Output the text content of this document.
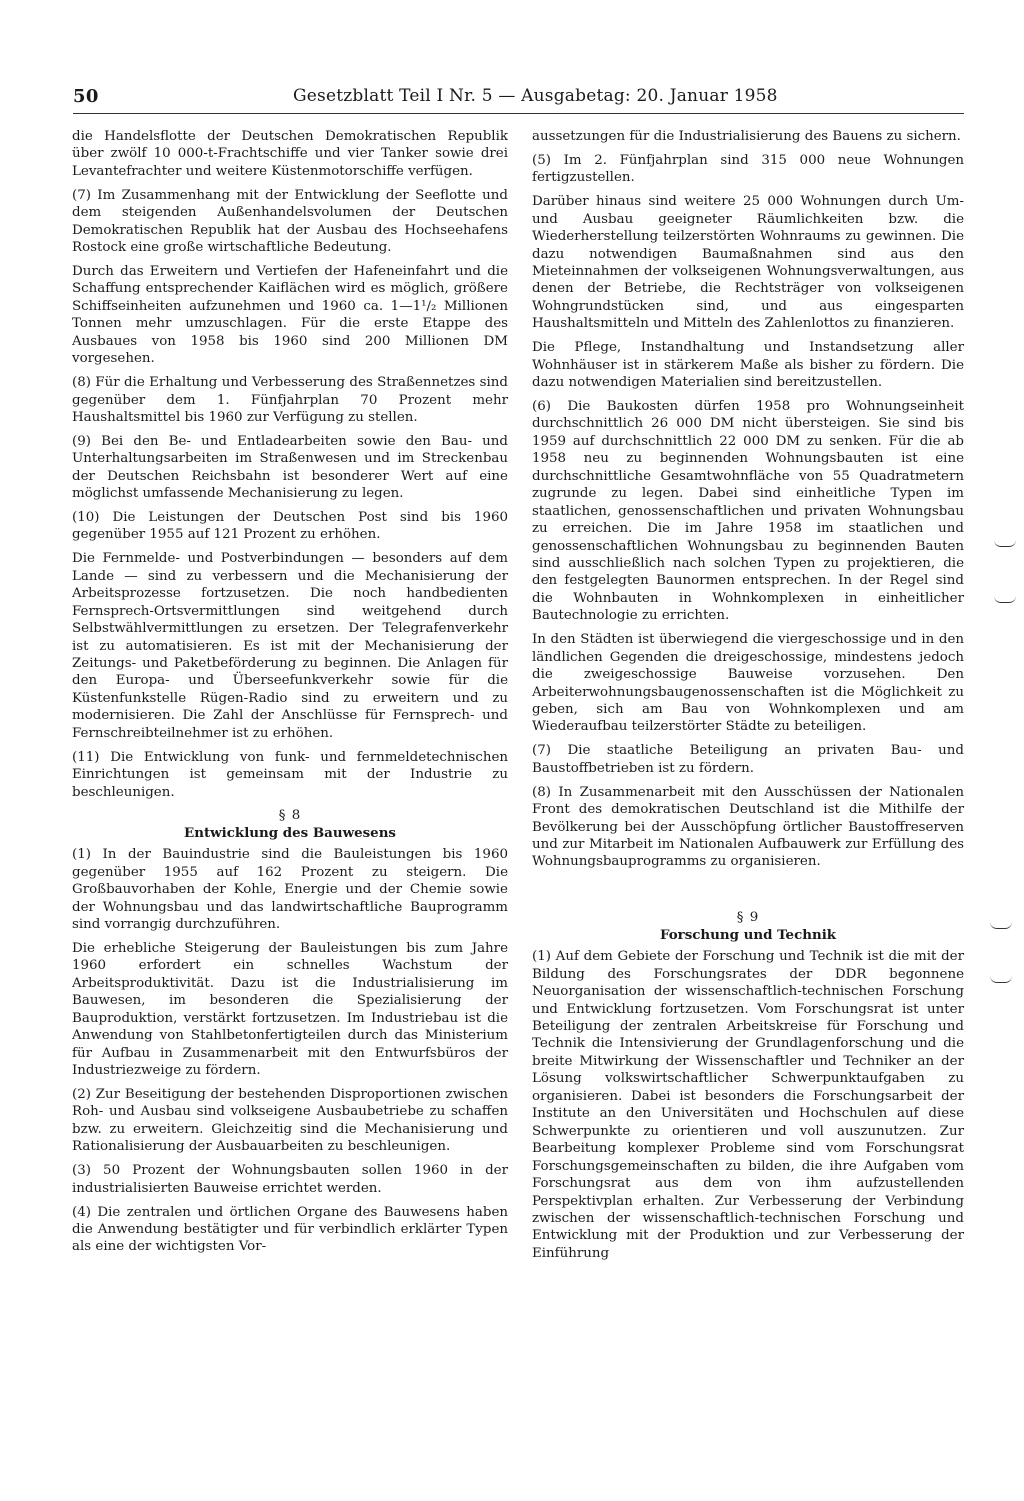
50	Gesetzblatt Teil I Nr. 5 — Ausgabetag: 20. Januar 1958

die Handelsflotte der Deutschen Demokratischen Republik über zwölf 10 000-t-Frachtschiffe und vier Tanker sowie drei Levantefrachter und weitere Küstenmotorschiffe verfügen.

(7) Im Zusammenhang mit der Entwicklung der Seeflotte und dem steigenden Außenhandelsvolumen der Deutschen Demokratischen Republik hat der Ausbau des Hochseehafens Rostock eine große wirtschaftliche Bedeutung.

Durch das Erweitern und Vertiefen der Hafeneinfahrt und die Schaffung entsprechender Kaiflächen wird es möglich, größere Schiffseinheiten aufzunehmen und 1960 ca. 1—1¹/₂ Millionen Tonnen mehr umzuschlagen. Für die erste Etappe des Ausbaues von 1958 bis 1960 sind 200 Millionen DM vorgesehen.

(8) Für die Erhaltung und Verbesserung des Straßennetzes sind gegenüber dem 1. Fünfjahrplan 70 Prozent mehr Haushaltsmittel bis 1960 zur Verfügung zu stellen.

(9) Bei den Be- und Entladearbeiten sowie den Bau- und Unterhaltungsarbeiten im Straßenwesen und im Streckenbau der Deutschen Reichsbahn ist besonderer Wert auf eine möglichst umfassende Mechanisierung zu legen.

(10) Die Leistungen der Deutschen Post sind bis 1960 gegenüber 1955 auf 121 Prozent zu erhöhen.

Die Fernmelde- und Postverbindungen — besonders auf dem Lande — sind zu verbessern und die Mechanisierung der Arbeitsprozesse fortzusetzen. Die noch handbedienten Fernsprech-Ortsvermittlungen sind weitgehend durch Selbstwählvermittlungen zu ersetzen. Der Telegrafenverkehr ist zu automatisieren. Es ist mit der Mechanisierung der Zeitungs- und Paketbeförderung zu beginnen. Die Anlagen für den Europa- und Überseefunkverkehr sowie für die Küstenfunkstelle Rügen-Radio sind zu erweitern und zu modernisieren. Die Zahl der Anschlüsse für Fernsprech- und Fernschreibteilnehmer ist zu erhöhen.

(11) Die Entwicklung von funk- und fernmeldetechnischen Einrichtungen ist gemeinsam mit der Industrie zu beschleunigen.

§ 8
Entwicklung des Bauwesens

(1) In der Bauindustrie sind die Bauleistungen bis 1960 gegenüber 1955 auf 162 Prozent zu steigern. Die Großbauvorhaben der Kohle, Energie und der Chemie sowie der Wohnungsbau und das landwirtschaftliche Bauprogramm sind vorrangig durchzuführen.

Die erhebliche Steigerung der Bauleistungen bis zum Jahre 1960 erfordert ein schnelles Wachstum der Arbeitsproduktivität. Dazu ist die Industrialisierung im Bauwesen, im besonderen die Spezialisierung der Bauproduktion, verstärkt fortzusetzen. Im Industriebau ist die Anwendung von Stahlbetonfertigteilen durch das Ministerium für Aufbau in Zusammenarbeit mit den Entwurfsbüros der Industriezweige zu fördern.

(2) Zur Beseitigung der bestehenden Disproportionen zwischen Roh- und Ausbau sind volkseigene Ausbaubetriebe zu schaffen bzw. zu erweitern. Gleichzeitig sind die Mechanisierung und Rationalisierung der Ausbauarbeiten zu beschleunigen.

(3) 50 Prozent der Wohnungsbauten sollen 1960 in der industrialisierten Bauweise errichtet werden.

(4) Die zentralen und örtlichen Organe des Bauwesens haben die Anwendung bestätigter und für verbindlich erklärter Typen als eine der wichtigsten Vor-

aussetzungen für die Industrialisierung des Bauens zu sichern.

(5) Im 2. Fünfjahrplan sind 315 000 neue Wohnungen fertigzustellen.

Darüber hinaus sind weitere 25 000 Wohnungen durch Um- und Ausbau geeigneter Räumlichkeiten bzw. die Wiederherstellung teilzerstörten Wohnraums zu gewinnen. Die dazu notwendigen Baumaßnahmen sind aus den Mieteinnahmen der volkseigenen Wohnungsverwaltungen, aus denen der Betriebe, die Rechtsträger von volkseigenen Wohngrundstücken sind, und aus eingesparten Haushaltsmitteln und Mitteln des Zahlenlottos zu finanzieren.

Die Pflege, Instandhaltung und Instandsetzung aller Wohnhäuser ist in stärkerem Maße als bisher zu fördern. Die dazu notwendigen Materialien sind bereitzustellen.

(6) Die Baukosten dürfen 1958 pro Wohnungseinheit durchschnittlich 26 000 DM nicht übersteigen. Sie sind bis 1959 auf durchschnittlich 22 000 DM zu senken. Für die ab 1958 neu zu beginnenden Wohnungsbauten ist eine durchschnittliche Gesamtwohnfläche von 55 Quadratmetern zugrunde zu legen. Dabei sind einheitliche Typen im staatlichen, genossenschaftlichen und privaten Wohnungsbau zu erreichen. Die im Jahre 1958 im staatlichen und genossenschaftlichen Wohnungsbau zu beginnenden Bauten sind ausschließlich nach solchen Typen zu projektieren, die den festgelegten Baunormen entsprechen. In der Regel sind die Wohnbauten in Wohnkomplexen in einheitlicher Bautechnologie zu errichten.

In den Städten ist überwiegend die viergeschossige und in den ländlichen Gegenden die dreigeschossige, mindestens jedoch die zweigeschossige Bauweise vorzusehen. Den Arbeiterwohnungsbaugenossenschaften ist die Möglichkeit zu geben, sich am Bau von Wohnkomplexen und am Wiederaufbau teilzerstörter Städte zu beteiligen.

(7) Die staatliche Beteiligung an privaten Bau- und Baustoffbetrieben ist zu fördern.

(8) In Zusammenarbeit mit den Ausschüssen der Nationalen Front des demokratischen Deutschland ist die Mithilfe der Bevölkerung bei der Ausschöpfung örtlicher Baustoffreserven und zur Mitarbeit im Nationalen Aufbauwerk zur Erfüllung des Wohnungsbauprogramms zu organisieren.

§ 9
Forschung und Technik

(1) Auf dem Gebiete der Forschung und Technik ist die mit der Bildung des Forschungsrates der DDR begonnene Neuorganisation der wissenschaftlich-technischen Forschung und Entwicklung fortzusetzen. Vom Forschungsrat ist unter Beteiligung der zentralen Arbeitskreise für Forschung und Technik die Intensivierung der Grundlagenforschung und die breite Mitwirkung der Wissenschaftler und Techniker an der Lösung volkswirtschaftlicher Schwerpunktaufgaben zu organisieren. Dabei ist besonders die Forschungsarbeit der Institute an den Universitäten und Hochschulen auf diese Schwerpunkte zu orientieren und voll auszunutzen. Zur Bearbeitung komplexer Probleme sind vom Forschungsrat Forschungsgemeinschaften zu bilden, die ihre Aufgaben vom Forschungsrat aus dem von ihm aufzustellenden Perspektivplan erhalten. Zur Verbesserung der Verbindung zwischen der wissenschaftlich-technischen Forschung und Entwicklung mit der Produktion und zur Verbesserung der Einführung
